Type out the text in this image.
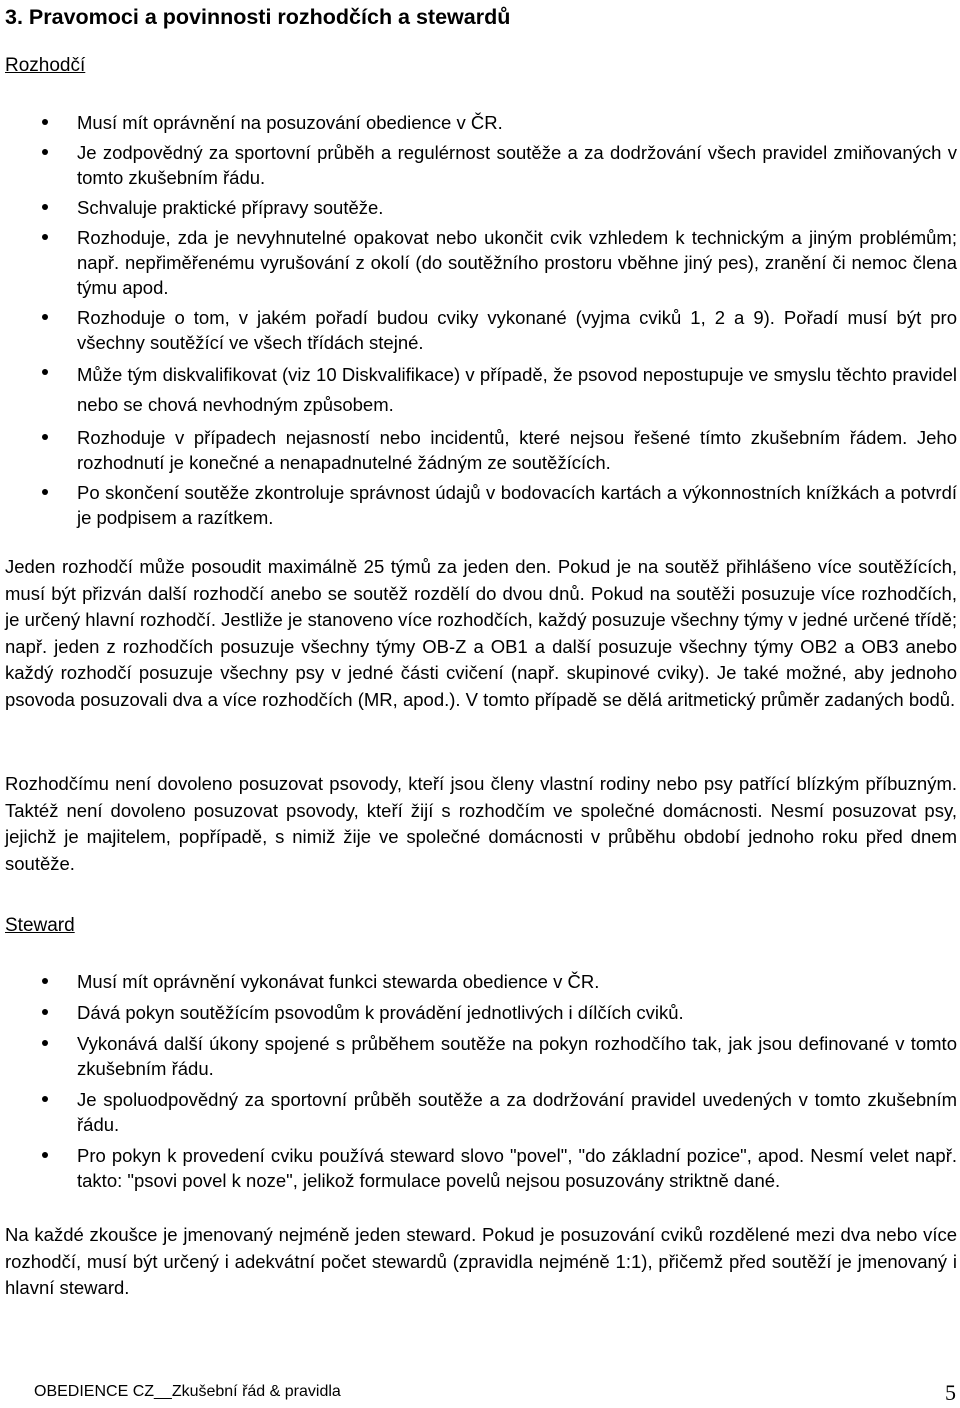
3. Pravomoci a povinnosti rozhodčích a stewardů
Rozhodčí
Musí mít oprávnění na posuzování obedience v ČR.
Je zodpovědný za sportovní průběh a regulérnost soutěže a za dodržování všech pravidel zmiňovaných v tomto zkušebním řádu.
Schvaluje praktické přípravy soutěže.
Rozhoduje, zda je nevyhnutelné opakovat nebo ukončit cvik vzhledem k technickým a jiným problémům; např. nepřiměřenému vyrušování z okolí (do soutěžního prostoru vběhne jiný pes), zranění či nemoc člena týmu apod.
Rozhoduje o tom, v jakém pořadí budou cviky vykonané (vyjma cviků 1, 2 a 9). Pořadí musí být pro všechny soutěžící ve všech třídách stejné.
Může tým diskvalifikovat (viz 10 Diskvalifikace) v případě, že psovod nepostupuje ve smyslu těchto pravidel nebo se chová nevhodným způsobem.
Rozhoduje v případech nejasností nebo incidentů, které nejsou řešené tímto zkušebním řádem. Jeho rozhodnutí je konečné a nenapadnutelné žádným ze soutěžících.
Po skončení soutěže zkontroluje správnost údajů v bodovacích kartách a výkonnostních knížkách a potvrdí je podpisem a razítkem.

Jeden rozhodčí může posoudit maximálně 25 týmů za jeden den. Pokud je na soutěž přihlášeno více soutěžících, musí být přizván další rozhodčí anebo se soutěž rozdělí do dvou dnů. Pokud na soutěži posuzuje více rozhodčích, je určený hlavní rozhodčí. Jestliže je stanoveno více rozhodčích, každý posuzuje všechny týmy v jedné určené třídě; např. jeden z rozhodčích posuzuje všechny týmy OB-Z a OB1 a další posuzuje všechny týmy OB2 a OB3 anebo každý rozhodčí posuzuje všechny psy v jedné části cvičení (např. skupinové cviky). Je také možné, aby jednoho psovoda posuzovali dva a více rozhodčích (MR, apod.). V tomto případě se dělá aritmetický průměr zadaných bodů.

Rozhodčímu není dovoleno posuzovat psovody, kteří jsou členy vlastní rodiny nebo psy patřící blízkým příbuzným. Taktéž není dovoleno posuzovat psovody, kteří žijí s rozhodčím ve společné domácnosti. Nesmí posuzovat psy, jejichž je majitelem, popřípadě, s nimiž žije ve společné domácnosti v průběhu období jednoho roku před dnem soutěže.

Steward
Musí mít oprávnění vykonávat funkci stewarda obedience v ČR.
Dává pokyn soutěžícím psovodům k provádění jednotlivých i dílčích cviků.
Vykonává další úkony spojené s průběhem soutěže na pokyn rozhodčího tak, jak jsou definované v tomto zkušebním řádu.
Je spoluodpovědný za sportovní průběh soutěže a za dodržování pravidel uvedených v tomto zkušebním řádu.
Pro pokyn k provedení cviku používá steward slovo "povel", "do základní pozice", apod. Nesmí velet např. takto: "psovi povel k noze", jelikož formulace povelů nejsou posuzovány striktně dané.

Na každé zkoušce je jmenovaný nejméně jeden steward. Pokud je posuzování cviků rozdělené mezi dva nebo více rozhodčí, musí být určený i adekvátní počet stewardů (zpravidla nejméně 1:1), přičemž před soutěží je jmenovaný i hlavní steward.

OBEDIENCE CZ__Zkušební řád & pravidla	5
